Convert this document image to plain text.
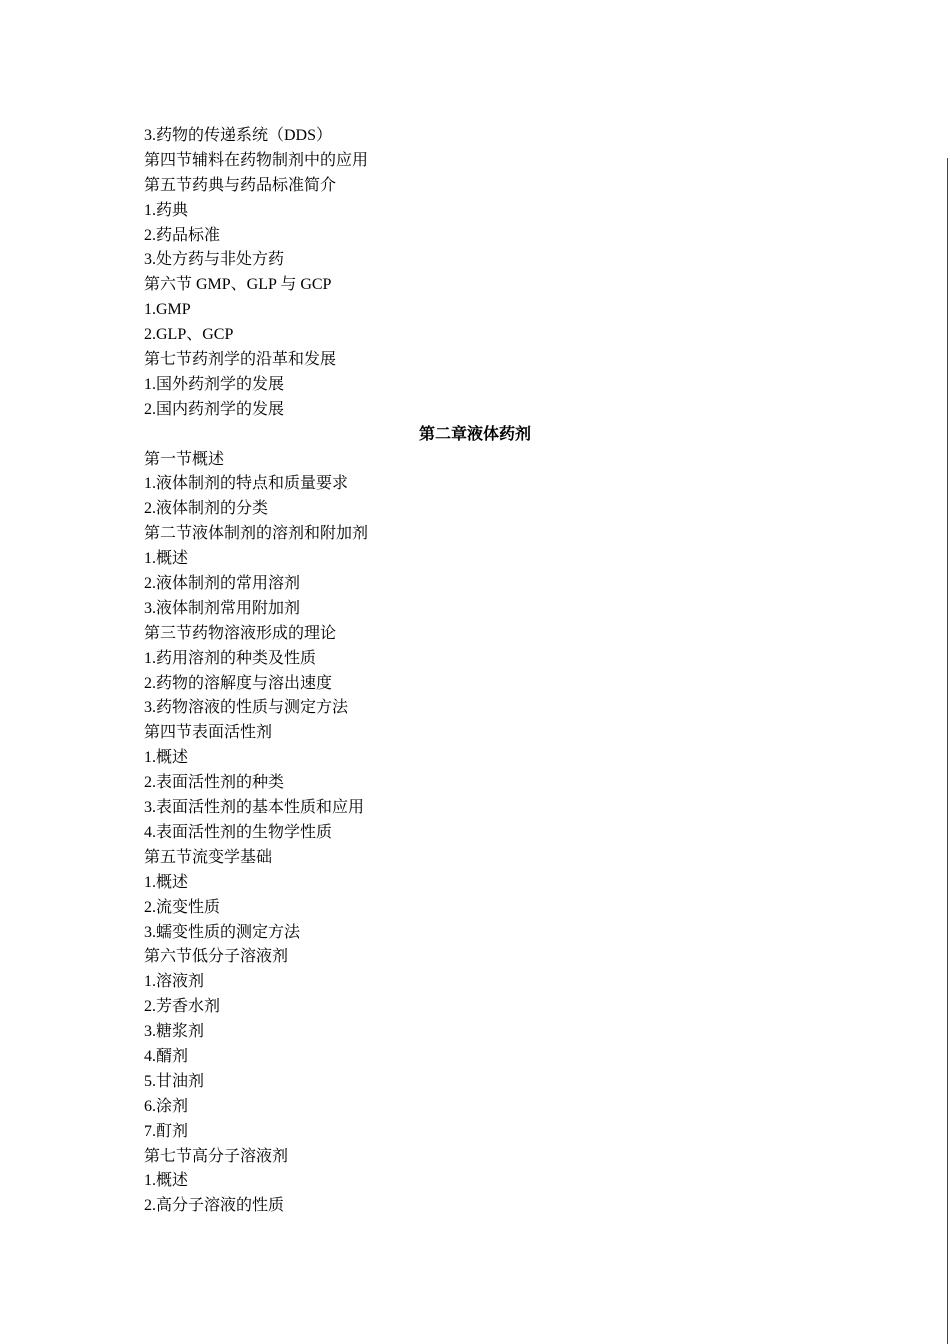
3.药物的传递系统（DDS）
第四节辅料在药物制剂中的应用
第五节药典与药品标准简介
1.药典
2.药品标准
3.处方药与非处方药
第六节 GMP、GLP 与 GCP
1.GMP
2.GLP、GCP
第七节药剂学的沿革和发展
1.国外药剂学的发展
2.国内药剂学的发展
第二章液体药剂
第一节概述
1.液体制剂的特点和质量要求
2.液体制剂的分类
第二节液体制剂的溶剂和附加剂
1.概述
2.液体制剂的常用溶剂
3.液体制剂常用附加剂
第三节药物溶液形成的理论
1.药用溶剂的种类及性质
2.药物的溶解度与溶出速度
3.药物溶液的性质与测定方法
第四节表面活性剂
1.概述
2.表面活性剂的种类
3.表面活性剂的基本性质和应用
4.表面活性剂的生物学性质
第五节流变学基础
1.概述
2.流变性质
3.蠕变性质的测定方法
第六节低分子溶液剂
1.溶液剂
2.芳香水剂
3.糖浆剂
4.醑剂
5.甘油剂
6.涂剂
7.酊剂
第七节高分子溶液剂
1.概述
2.高分子溶液的性质
